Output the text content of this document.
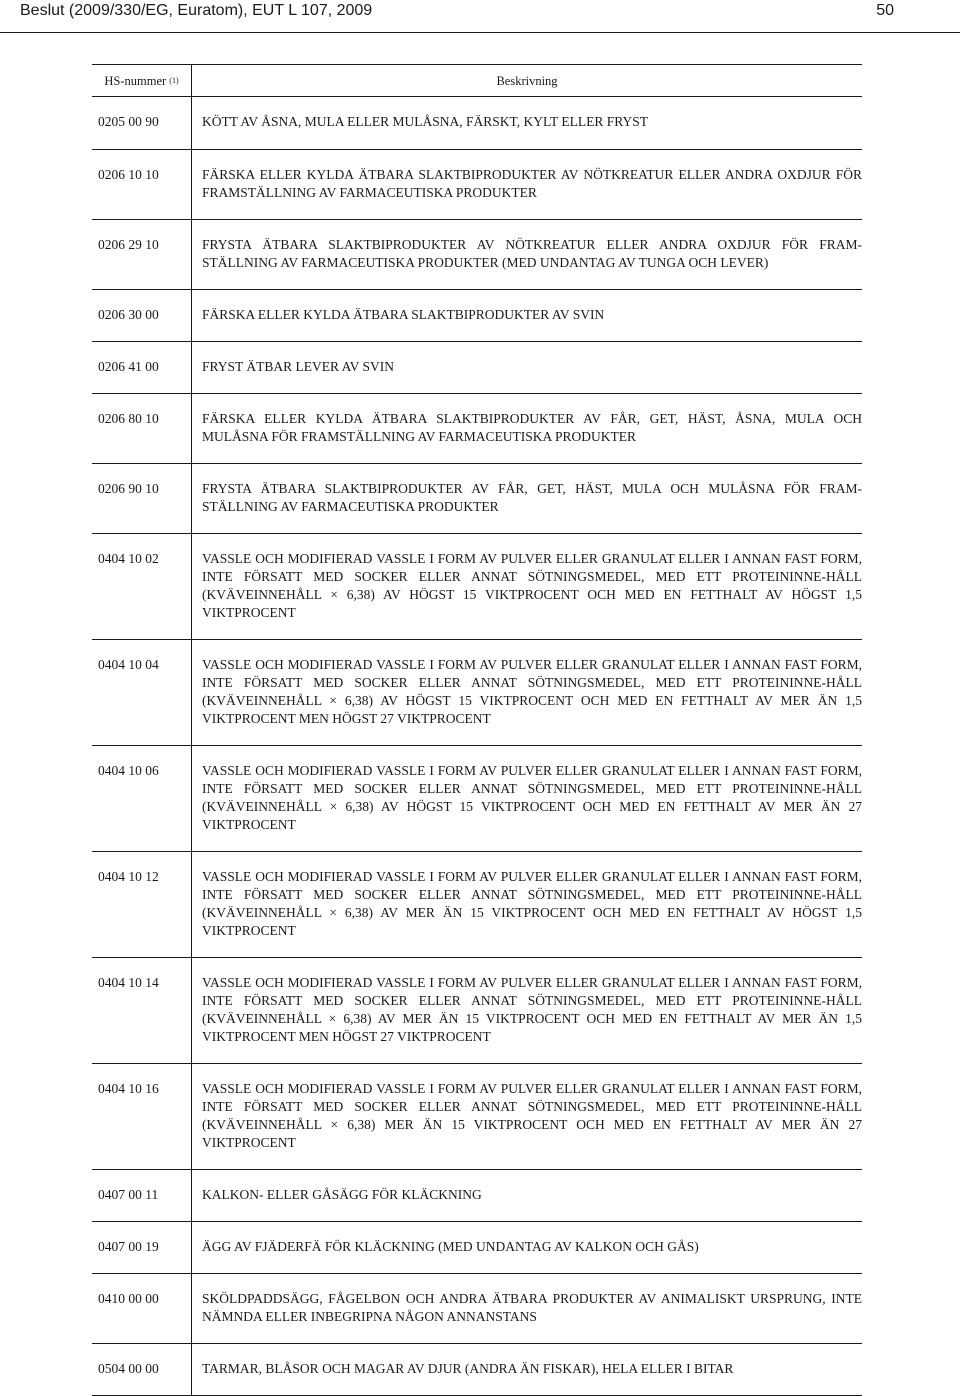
Beslut (2009/330/EG, Euratom), EUT L 107, 2009	50
HS-nummer
(1)	Beskrivning
0205 00 90	KÖTT AV ÅSNA, MULA ELLER MULÅSNA, FÄRSKT, KYLT ELLER FRYST
0206 10 10	FÄRSKA ELLER KYLDA ÄTBARA SLAKTBIPRODUKTER AV NÖTKREATUR ELLER ANDRA OXDJUR FÖR FRAMSTÄLLNING AV FARMACEUTISKA PRODUKTER
0206 29 10	FRYSTA ÄTBARA SLAKTBIPRODUKTER AV NÖTKREATUR ELLER ANDRA OXDJUR FÖR FRAM-STÄLLNING AV FARMACEUTISKA PRODUKTER (MED UNDANTAG AV TUNGA OCH LEVER)
0206 30 00	FÄRSKA ELLER KYLDA ÄTBARA SLAKTBIPRODUKTER AV SVIN
0206 41 00	FRYST ÄTBAR LEVER AV SVIN
0206 80 10	FÄRSKA ELLER KYLDA ÄTBARA SLAKTBIPRODUKTER AV FÅR, GET, HÄST, ÅSNA, MULA OCH MULÅSNA FÖR FRAMSTÄLLNING AV FARMACEUTISKA PRODUKTER
0206 90 10	FRYSTA ÄTBARA SLAKTBIPRODUKTER AV FÅR, GET, HÄST, MULA OCH MULÅSNA FÖR FRAM-STÄLLNING AV FARMACEUTISKA PRODUKTER
0404 10 02	VASSLE OCH MODIFIERAD VASSLE I FORM AV PULVER ELLER GRANULAT ELLER I ANNAN FAST FORM, INTE FÖRSATT MED SOCKER ELLER ANNAT SÖTNINGSMEDEL, MED ETT PROTEININNE-HÅLL (KVÄVEINNEHÅLL × 6,38) AV HÖGST 15 VIKTPROCENT OCH MED EN FETTHALT AV HÖGST 1,5 VIKTPROCENT
0404 10 04	VASSLE OCH MODIFIERAD VASSLE I FORM AV PULVER ELLER GRANULAT ELLER I ANNAN FAST FORM, INTE FÖRSATT MED SOCKER ELLER ANNAT SÖTNINGSMEDEL, MED ETT PROTEININNE-HÅLL (KVÄVEINNEHÅLL × 6,38) AV HÖGST 15 VIKTPROCENT OCH MED EN FETTHALT AV MER ÄN 1,5 VIKTPROCENT MEN HÖGST 27 VIKTPROCENT
0404 10 06	VASSLE OCH MODIFIERAD VASSLE I FORM AV PULVER ELLER GRANULAT ELLER I ANNAN FAST FORM, INTE FÖRSATT MED SOCKER ELLER ANNAT SÖTNINGSMEDEL, MED ETT PROTEININNE-HÅLL (KVÄVEINNEHÅLL × 6,38) AV HÖGST 15 VIKTPROCENT OCH MED EN FETTHALT AV MER ÄN 27 VIKTPROCENT
0404 10 12	VASSLE OCH MODIFIERAD VASSLE I FORM AV PULVER ELLER GRANULAT ELLER I ANNAN FAST FORM, INTE FÖRSATT MED SOCKER ELLER ANNAT SÖTNINGSMEDEL, MED ETT PROTEININNE-HÅLL (KVÄVEINNEHÅLL × 6,38) AV MER ÄN 15 VIKTPROCENT OCH MED EN FETTHALT AV HÖGST 1,5 VIKTPROCENT
0404 10 14	VASSLE OCH MODIFIERAD VASSLE I FORM AV PULVER ELLER GRANULAT ELLER I ANNAN FAST FORM, INTE FÖRSATT MED SOCKER ELLER ANNAT SÖTNINGSMEDEL, MED ETT PROTEININNE-HÅLL (KVÄVEINNEHÅLL × 6,38) AV MER ÄN 15 VIKTPROCENT OCH MED EN FETTHALT AV MER ÄN 1,5 VIKTPROCENT MEN HÖGST 27 VIKTPROCENT
0404 10 16	VASSLE OCH MODIFIERAD VASSLE I FORM AV PULVER ELLER GRANULAT ELLER I ANNAN FAST FORM, INTE FÖRSATT MED SOCKER ELLER ANNAT SÖTNINGSMEDEL, MED ETT PROTEININNE-HÅLL (KVÄVEINNEHÅLL × 6,38) MER ÄN 15 VIKTPROCENT OCH MED EN FETTHALT AV MER ÄN 27 VIKTPROCENT
0407 00 11	KALKON- ELLER GÅSÄGG FÖR KLÄCKNING
0407 00 19	ÄGG AV FJÄDERFÄ FÖR KLÄCKNING (MED UNDANTAG AV KALKON OCH GÅS)
0410 00 00	SKÖLDPADDSÄGG, FÅGELBON OCH ANDRA ÄTBARA PRODUKTER AV ANIMALISKT URSPRUNG, INTE NÄMNDA ELLER INBEGRIPNA NÅGON ANNANSTANS
0504 00 00	TARMAR, BLÅSOR OCH MAGAR AV DJUR (ANDRA ÄN FISKAR), HELA ELLER I BITAR
